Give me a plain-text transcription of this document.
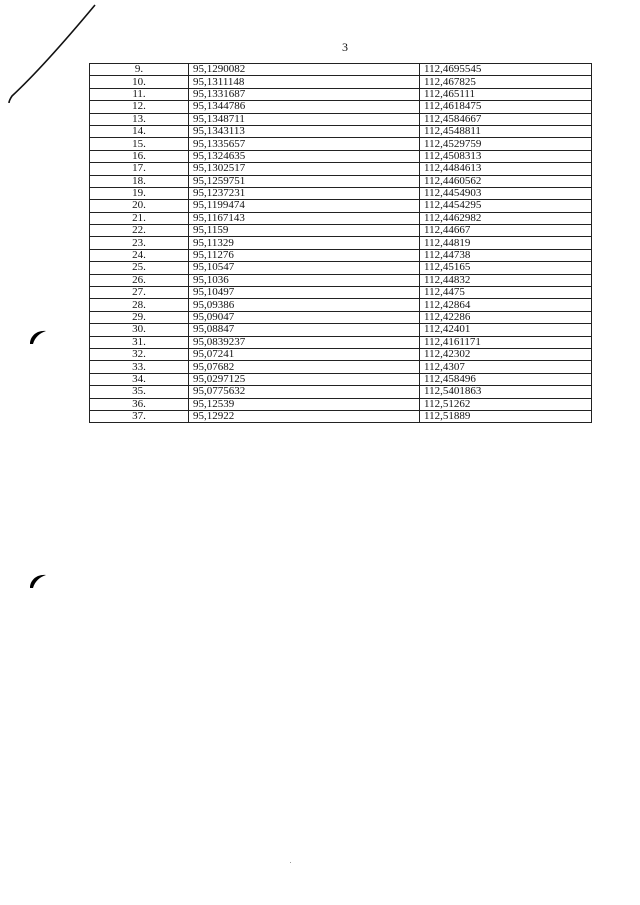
3
9.	95,1290082	112,4695545
10.	95,1311148	112,467825
11.	95,1331687	112,465111
12.	95,1344786	112,4618475
13.	95,1348711	112,4584667
14.	95,1343113	112,4548811
15.	95,1335657	112,4529759
16.	95,1324635	112,4508313
17.	95,1302517	112,4484613
18.	95,1259751	112,4460562
19.	95,1237231	112,4454903
20.	95,1199474	112,4454295
21.	95,1167143	112,4462982
22.	95,1159	112,44667
23.	95,11329	112,44819
24.	95,11276	112,44738
25.	95,10547	112,45165
26.	95,1036	112,44832
27.	95,10497	112,4475
28.	95,09386	112,42864
29.	95,09047	112,42286
30.	95,08847	112,42401
31.	95,0839237	112,4161171
32.	95,07241	112,42302
33.	95,07682	112,4307
34.	95,0297125	112,458496
35.	95,0775632	112,5401863
36.	95,12539	112,51262
37.	95,12922	112,51889
